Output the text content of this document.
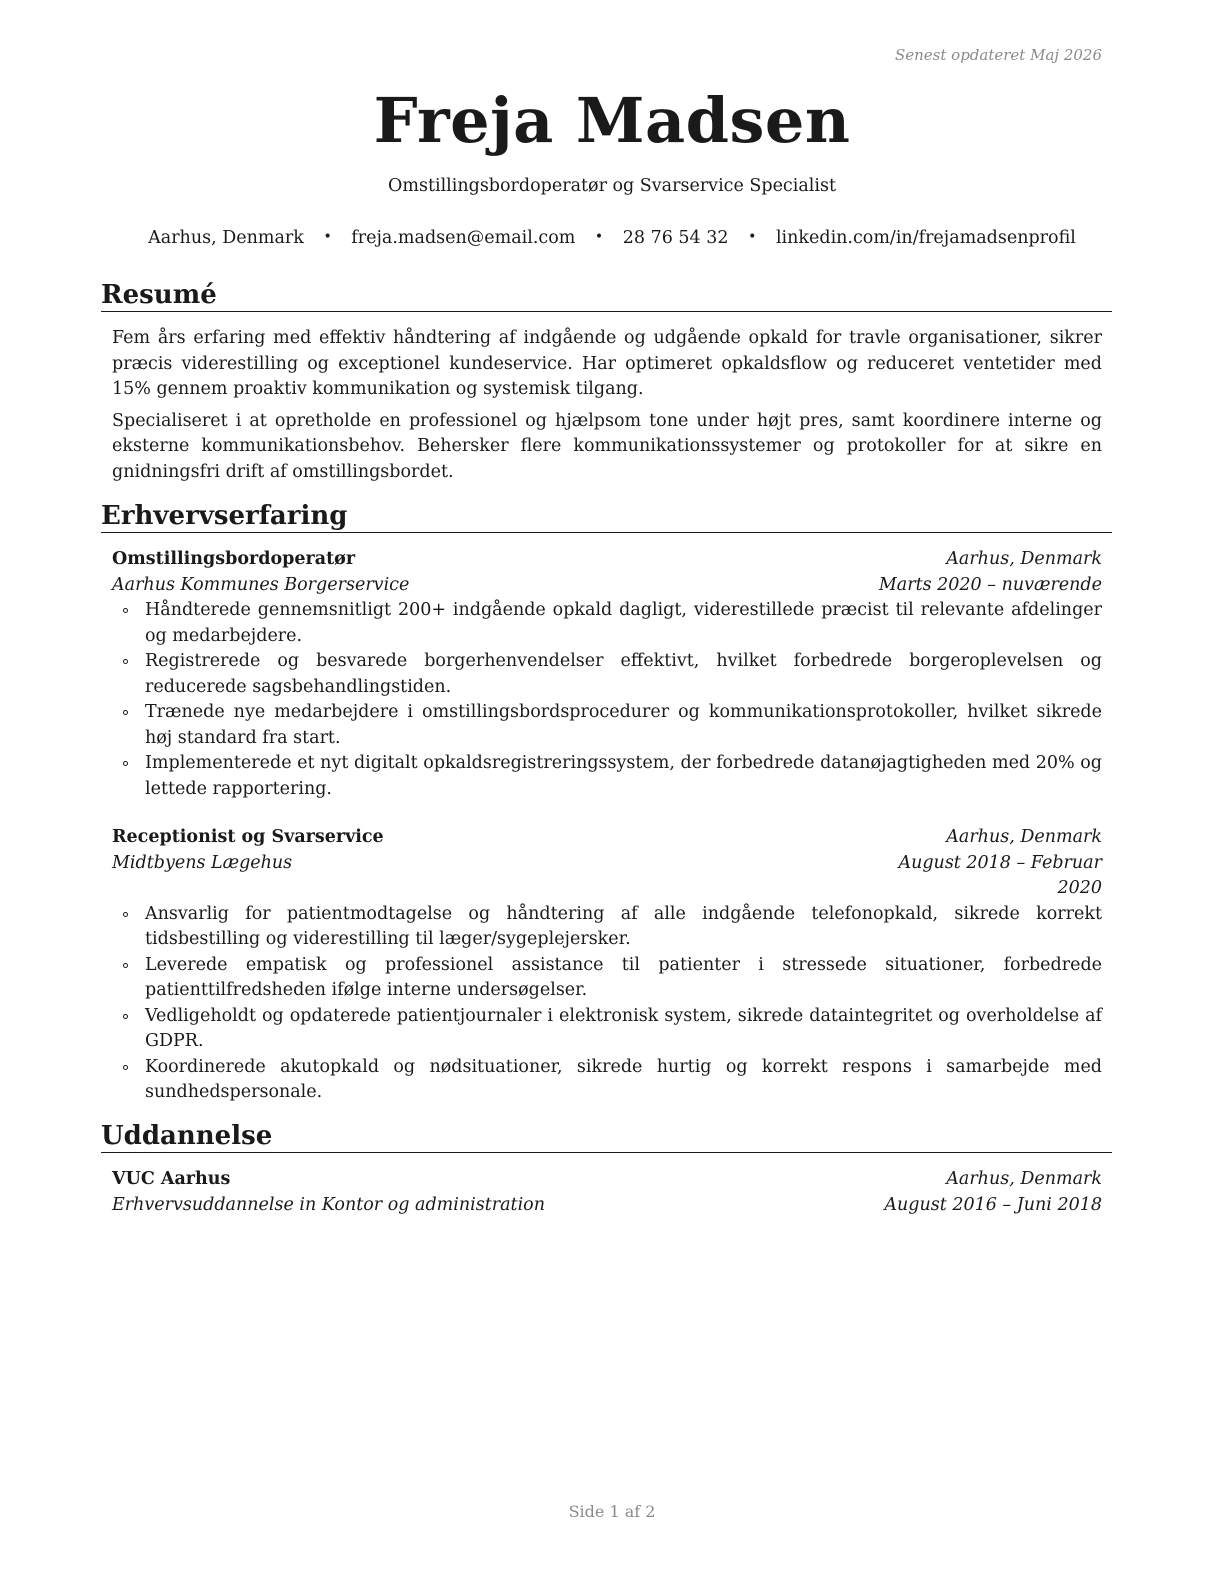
Senest opdateret Maj 2026
Freja Madsen
Omstillingsbordoperatør og Svarservice Specialist
Aarhus, Denmark • freja.madsen@email.com • 28 76 54 32 • linkedin.com/in/frejamadsenprofil
Resumé

Fem års erfaring med effektiv håndtering af indgående og udgående opkald for travle organisationer, sikrer præcis viderestilling og exceptionel kundeservice. Har optimeret opkaldsflow og reduceret ventetider med 15% gennem proaktiv kommunikation og systemisk tilgang.

Specialiseret i at opretholde en professionel og hjælpsom tone under højt pres, samt koordinere interne og eksterne kommunikationsbehov. Behersker flere kommunikationssystemer og protokoller for at sikre en gnidningsfri drift af omstillingsbordet.

Erhvervserfaring
Omstillingsbordoperatør	Aarhus, Denmark
Aarhus Kommunes Borgerservice	Marts 2020 – nuværende
Håndterede gennemsnitligt 200+ indgående opkald dagligt, viderestillede præcist til relevante afdelinger og medarbejdere.
Registrerede og besvarede borgerhenvendelser effektivt, hvilket forbedrede borgeroplevelsen og reducerede sagsbehandlingstiden.
Trænede nye medarbejdere i omstillingsbordsprocedurer og kommunikationsprotokoller, hvilket sikrede høj standard fra start.
Implementerede et nyt digitalt opkaldsregistreringssystem, der forbedrede datanøjagtigheden med 20% og lettede rapportering.
Receptionist og Svarservice	Aarhus, Denmark
Midtbyens Lægehus	August 2018 – Februar 2020
Ansvarlig for patientmodtagelse og håndtering af alle indgående telefonopkald, sikrede korrekt tidsbestilling og viderestilling til læger/sygeplejersker.
Leverede empatisk og professionel assistance til patienter i stressede situationer, forbedrede patienttilfredsheden ifølge interne undersøgelser.
Vedligeholdt og opdaterede patientjournaler i elektronisk system, sikrede dataintegritet og overholdelse af GDPR.
Koordinerede akutopkald og nødsituationer, sikrede hurtig og korrekt respons i samarbejde med sundhedspersonale.
Uddannelse
VUC Aarhus	Aarhus, Denmark
Erhvervsuddannelse in Kontor og administration	August 2016 – Juni 2018
Side 1 af 2
